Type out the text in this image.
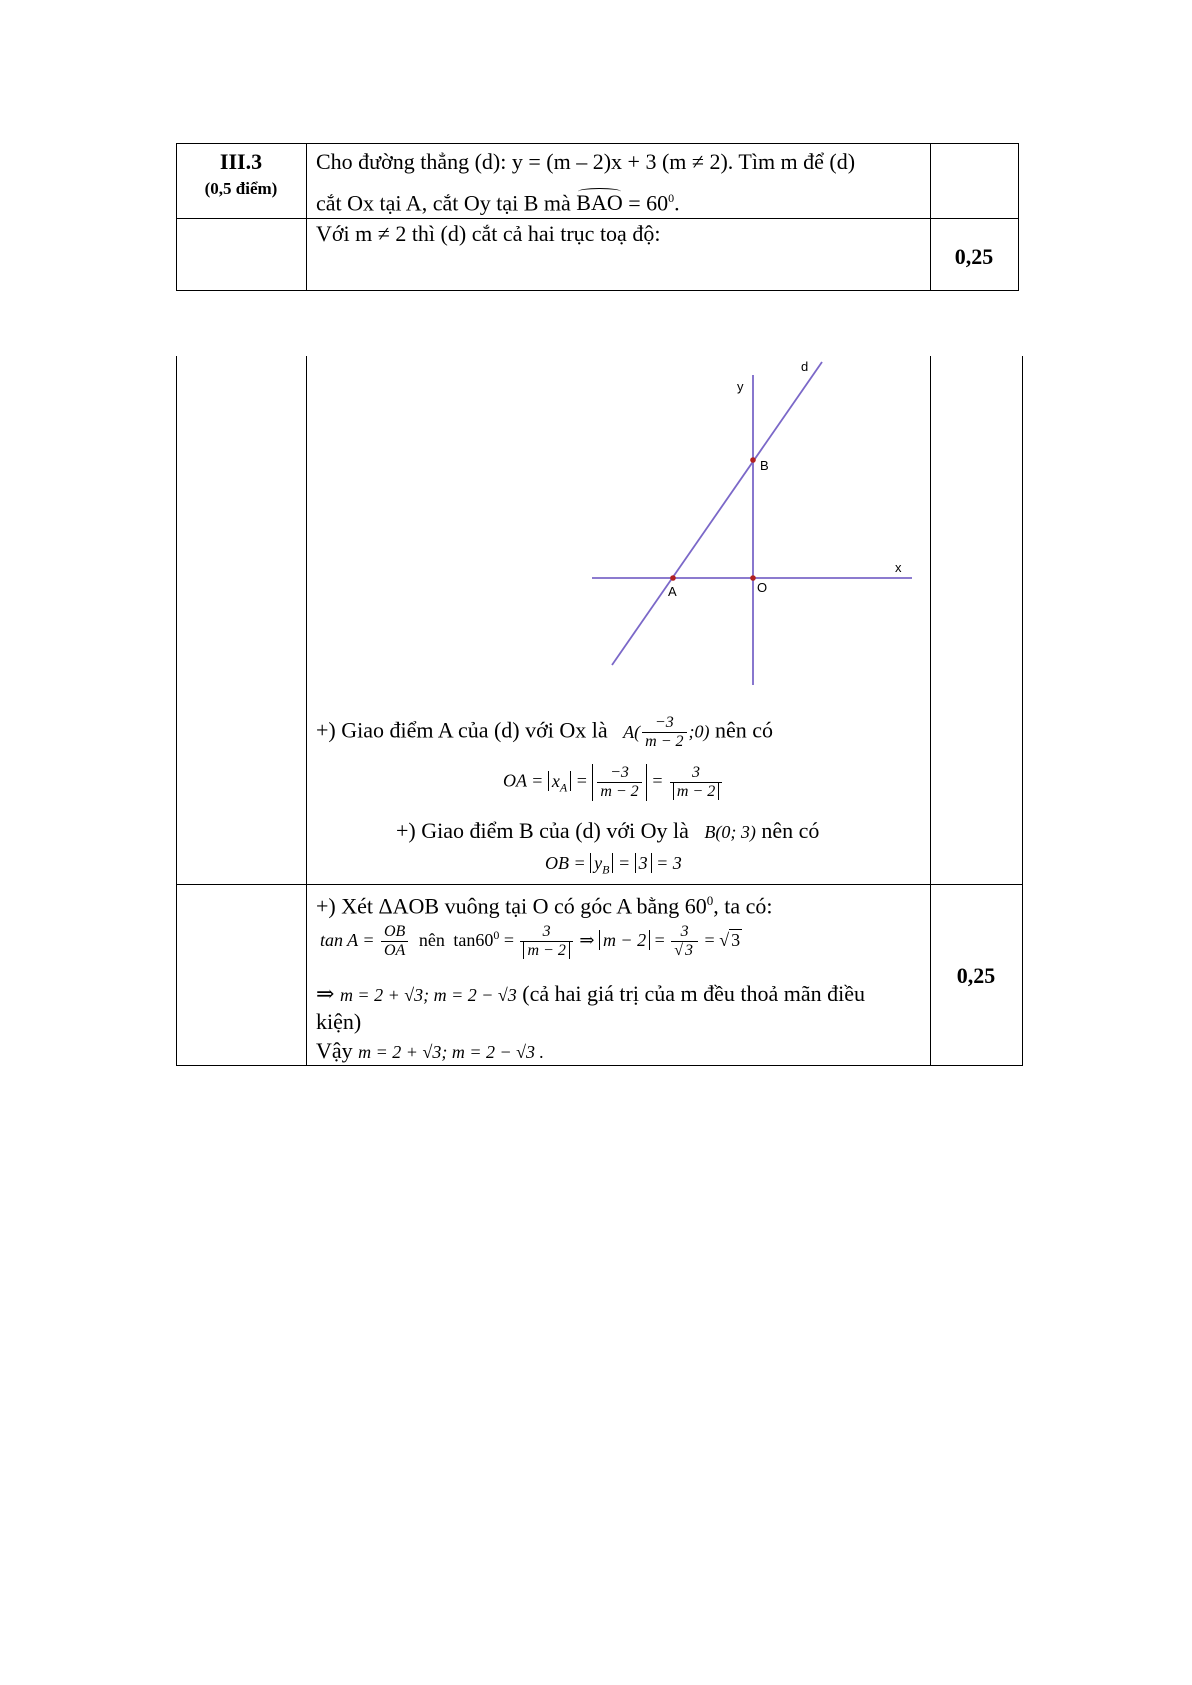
III.3
(0,5 điểm)
Cho đường thẳng (d): y = (m – 2)x + 3 (m ≠ 2). Tìm m để (d)
cắt Ox tại A, cắt Oy tại B mà
BAO = $60^0$.
Với m ≠ 2 thì (d) cắt cả hai trục toạ độ:
0,25
y
d
x
B
A	O
+) Giao điểm A của (d) với Ox là $A( \frac{-3}{m - 2}$ ;0) nên có
OA = $x_A = \frac{-3}{m - 2} = \frac{3}{m - 2}$
+) Giao điểm B của (d) với Oy là B(0; 3) nên có
OB = $y_B = 3 = 3$
+) Xét ΔAOB vuông tại O có góc A bằng $60^0$, ta có:
$\tan A = \frac{OB}{OA}$ nên $\tan 60^0 = \frac{3}{m - 2}$ ⇒ $m - 2 = \frac{3}{√ 3}$ = √ 3
⇒ m = 2 + √3; m = 2 − √3 (cả hai giá trị của m đều thoả mãn điều
kiện)
Vậy m = 2 + √3; m = 2 − √3 .
0,25
